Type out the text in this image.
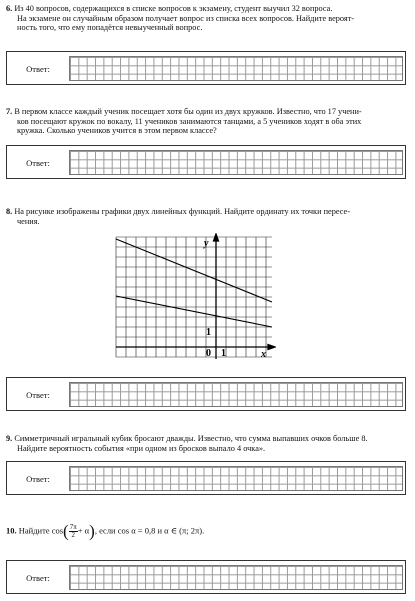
6. Из 40 вопросов, содержащихся в списке вопросов к экзамену, студент выучил 32 вопроса.
На экзамене он случайным образом получает вопрос из списка всех вопросов. Найдите вероят-
ность того, что ему попадётся невыученный вопрос.
Ответ:
7. В первом классе каждый ученик посещает хотя бы один из двух кружков. Известно, что 17 учени-
ков посещают кружок по вокалу, 11 учеников занимаются танцами, а 5 учеников ходят в оба этих
кружка. Сколько учеников учится в этом первом классе?
Ответ:
8. На рисунке изображены графики двух линейных функций. Найдите ординату их точки пересе-
чения.
y
x
0 1
1
Ответ:
9. Симметричный игральный кубик бросают дважды. Известно, что сумма выпавших очков больше 8.
Найдите вероятность события «при одном из бросков выпало 4 очка».
Ответ:
10. Найдите $\cos( \frac{7\pi}{2} + \alpha)$, если cos α = 0,8 и α ∈ (π; 2π).
Ответ:
